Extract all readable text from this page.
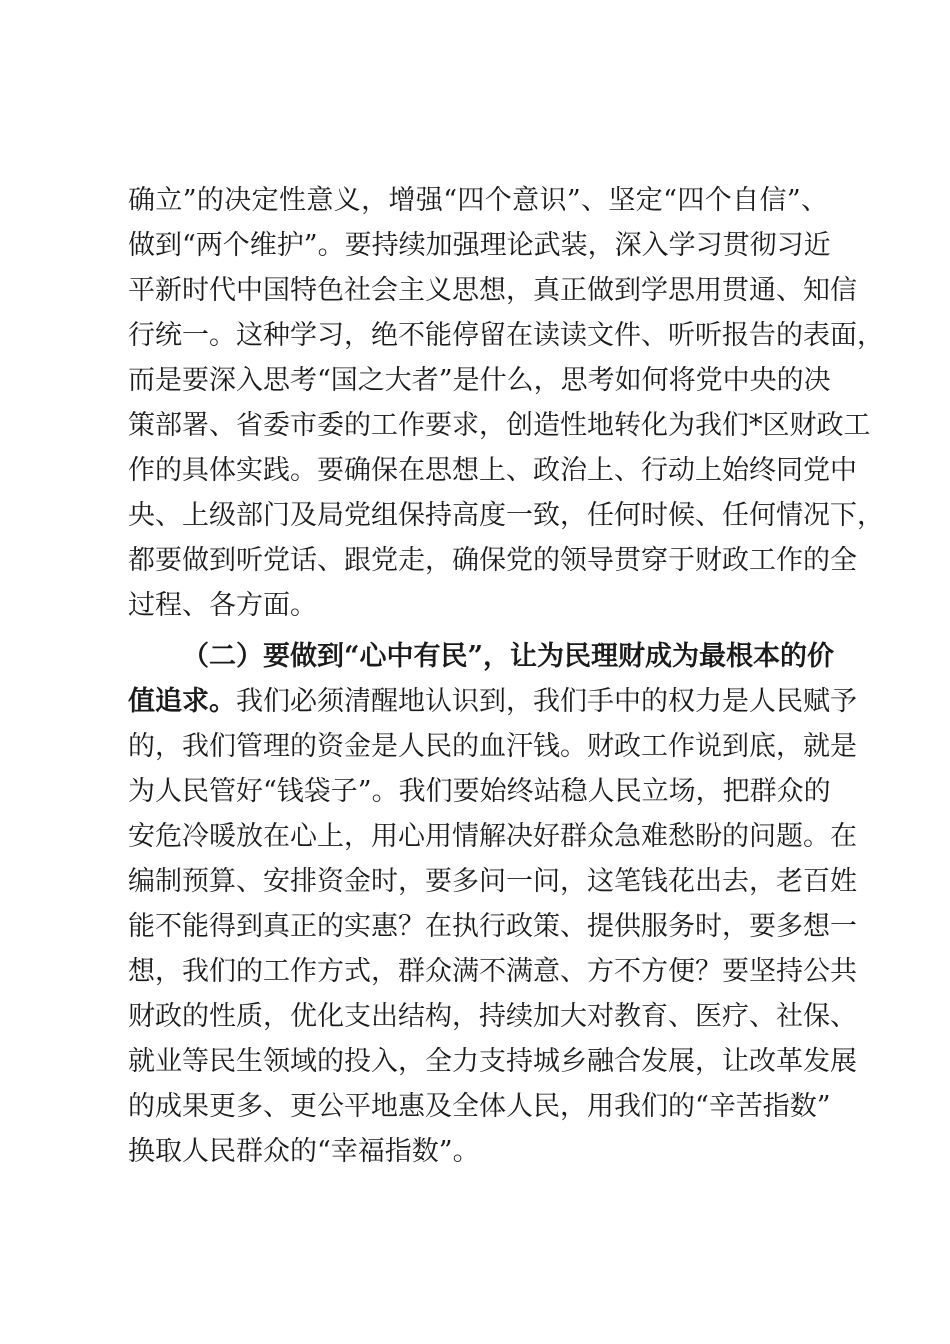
确立”的决定性意义，增强“四个意识”、坚定“四个自信”、
做到“两个维护”。要持续加强理论武装，深入学习贯彻习近
平新时代中国特色社会主义思想，真正做到学思用贯通、知信
行统一。这种学习，绝不能停留在读读文件、听听报告的表面，
而是要深入思考“国之大者”是什么，思考如何将党中央的决
策部署、省委市委的工作要求，创造性地转化为我们*区财政工
作的具体实践。要确保在思想上、政治上、行动上始终同党中
央、上级部门及局党组保持高度一致，任何时候、任何情况下，
都要做到听党话、跟党走，确保党的领导贯穿于财政工作的全
过程、各方面。
（二）要做到“心中有民”，让为民理财成为最根本的价
值追求。我们必须清醒地认识到，我们手中的权力是人民赋予
的，我们管理的资金是人民的血汗钱。财政工作说到底，就是
为人民管好“钱袋子”。我们要始终站稳人民立场，把群众的
安危冷暖放在心上，用心用情解决好群众急难愁盼的问题。在
编制预算、安排资金时，要多问一问，这笔钱花出去，老百姓
能不能得到真正的实惠？在执行政策、提供服务时，要多想一
想，我们的工作方式，群众满不满意、方不方便？要坚持公共
财政的性质，优化支出结构，持续加大对教育、医疗、社保、
就业等民生领域的投入，全力支持城乡融合发展，让改革发展
的成果更多、更公平地惠及全体人民，用我们的“辛苦指数”
换取人民群众的“幸福指数”。
